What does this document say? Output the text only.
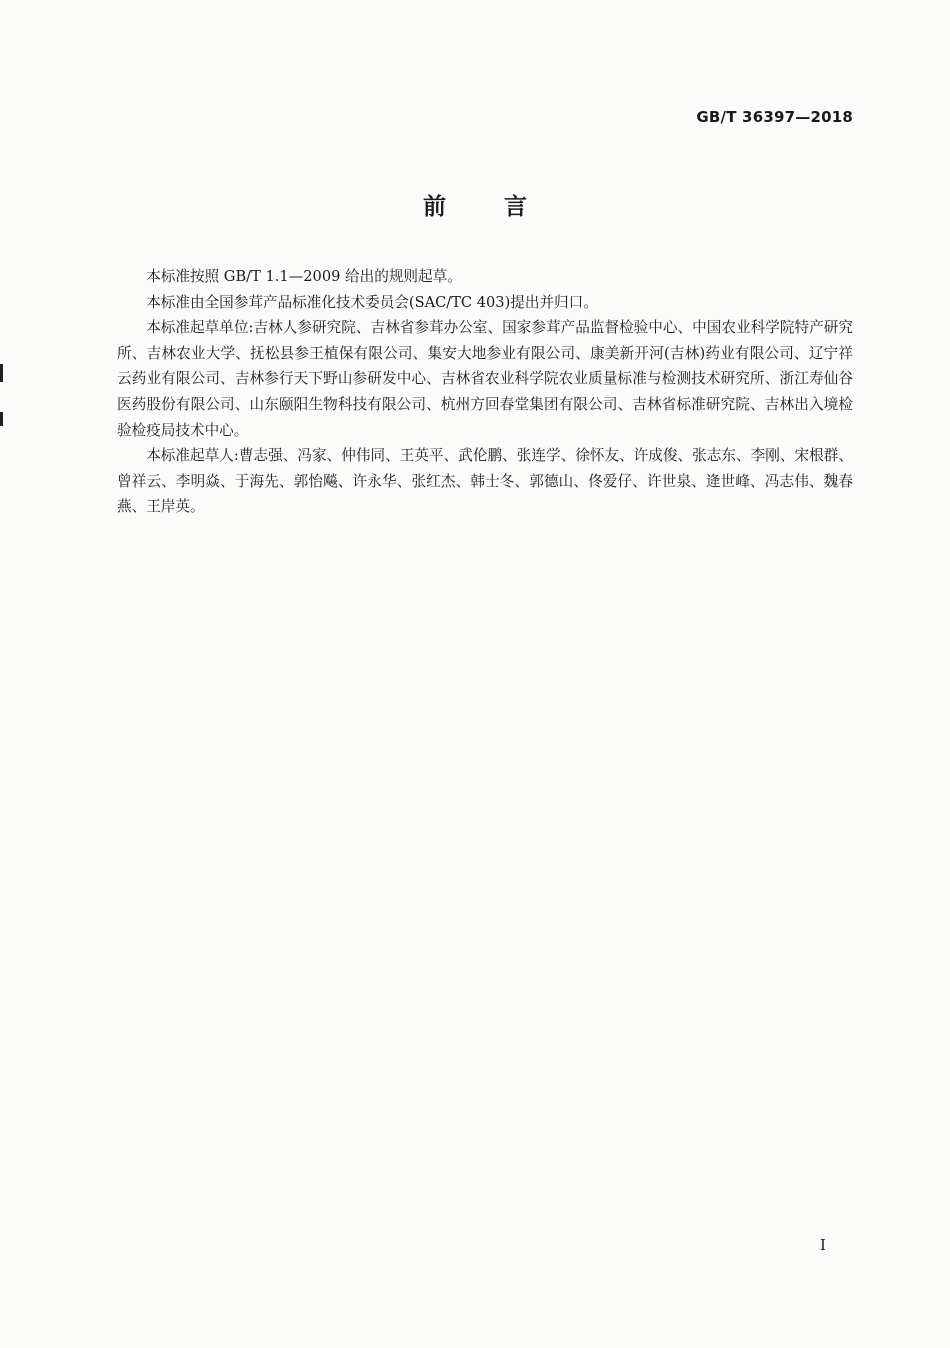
GB/T 36397—2018
前言

本标准按照 GB/T 1.1—2009 给出的规则起草。

本标准由全国参茸产品标准化技术委员会(SAC/TC 403)提出并归口。

本标准起草单位:吉林人参研究院、吉林省参茸办公室、国家参茸产品监督检验中心、中国农业科学院特产研究所、吉林农业大学、抚松县参王植保有限公司、集安大地参业有限公司、康美新开河(吉林)药业有限公司、辽宁祥云药业有限公司、吉林参行天下野山参研发中心、吉林省农业科学院农业质量标准与检测技术研究所、浙江寿仙谷医药股份有限公司、山东颐阳生物科技有限公司、杭州方回春堂集团有限公司、吉林省标准研究院、吉林出入境检验检疫局技术中心。

本标准起草人:曹志强、冯家、仲伟同、王英平、武伦鹏、张连学、徐怀友、许成俊、张志东、李刚、宋根群、曾祥云、李明焱、于海先、郭怡飚、许永华、张红杰、韩士冬、郭德山、佟爱仔、许世泉、逄世峰、冯志伟、魏春燕、王岸英。

I
